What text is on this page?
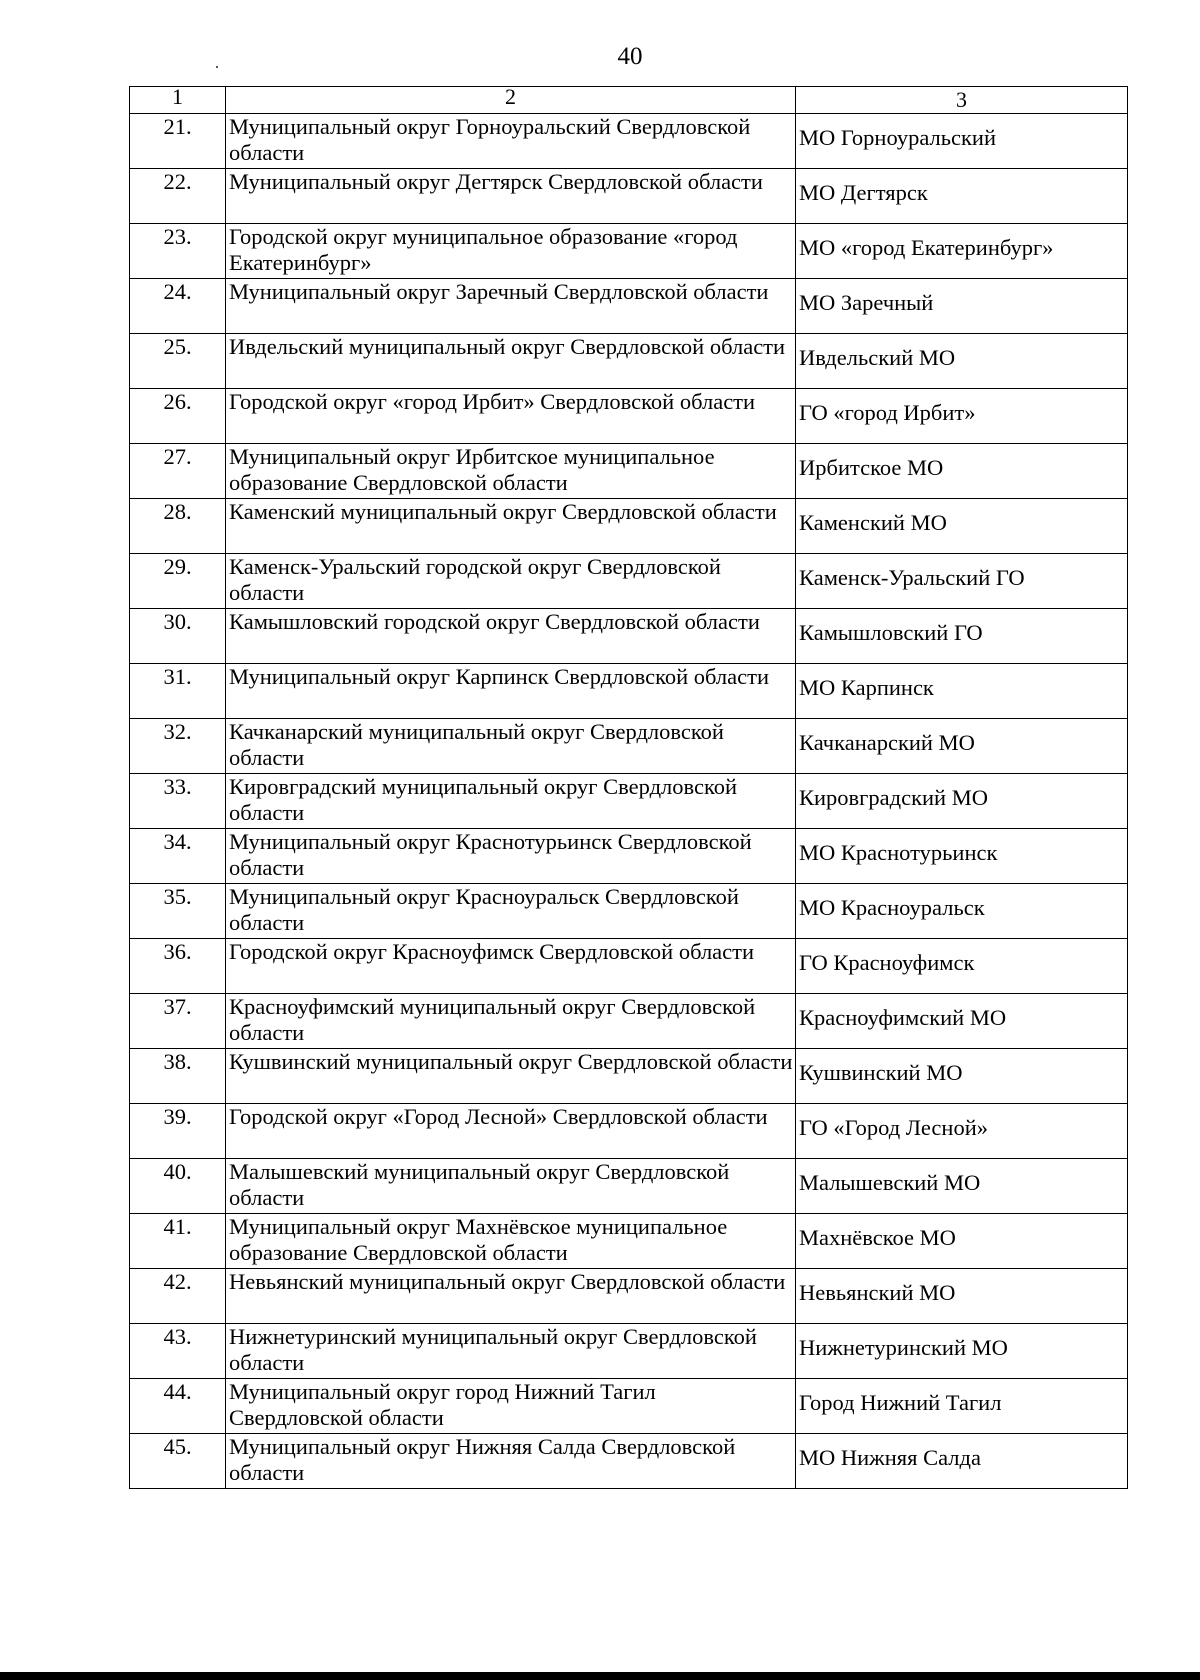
40
1	2	3
21.	Муниципальный округ Горноуральский Свердловской области	МО Горноуральский
22.	Муниципальный округ Дегтярск Свердловской области	МО Дегтярск
23.	Городской округ муниципальное образование «город Екатеринбург»	МО «город Екатеринбург»
24.	Муниципальный округ Заречный Свердловской области	МО Заречный
25.	Ивдельский муниципальный округ Свердловской области	Ивдельский МО
26.	Городской округ «город Ирбит» Свердловской области	ГО «город Ирбит»
27.	Муниципальный округ Ирбитское муниципальное образование Свердловской области	Ирбитское МО
28.	Каменский муниципальный округ Свердловской области	Каменский МО
29.	Каменск-Уральский городской округ Свердловской области	Каменск-Уральский ГО
30.	Камышловский городской округ Свердловской области	Камышловский ГО
31.	Муниципальный округ Карпинск Свердловской области	МО Карпинск
32.	Качканарский муниципальный округ Свердловской области	Качканарский МО
33.	Кировградский муниципальный округ Свердловской области	Кировградский МО
34.	Муниципальный округ Краснотурьинск Свердловской области	МО Краснотурьинск
35.	Муниципальный округ Красноуральск Свердловской области	МО Красноуральск
36.	Городской округ Красноуфимск Свердловской области	ГО Красноуфимск
37.	Красноуфимский муниципальный округ Свердловской области	Красноуфимский МО
38.	Кушвинский муниципальный округ Свердловской области	Кушвинский МО
39.	Городской округ «Город Лесной» Свердловской области	ГО «Город Лесной»
40.	Малышевский муниципальный округ Свердловской области	Малышевский МО
41.	Муниципальный округ Махнёвское муниципальное образование Свердловской области	Махнёвское МО
42.	Невьянский муниципальный округ Свердловской области	Невьянский МО
43.	Нижнетуринский муниципальный округ Свердловской области	Нижнетуринский МО
44.	Муниципальный округ город Нижний Тагил Свердловской области	Город Нижний Тагил
45.	Муниципальный округ Нижняя Салда Свердловской области	МО Нижняя Салда
